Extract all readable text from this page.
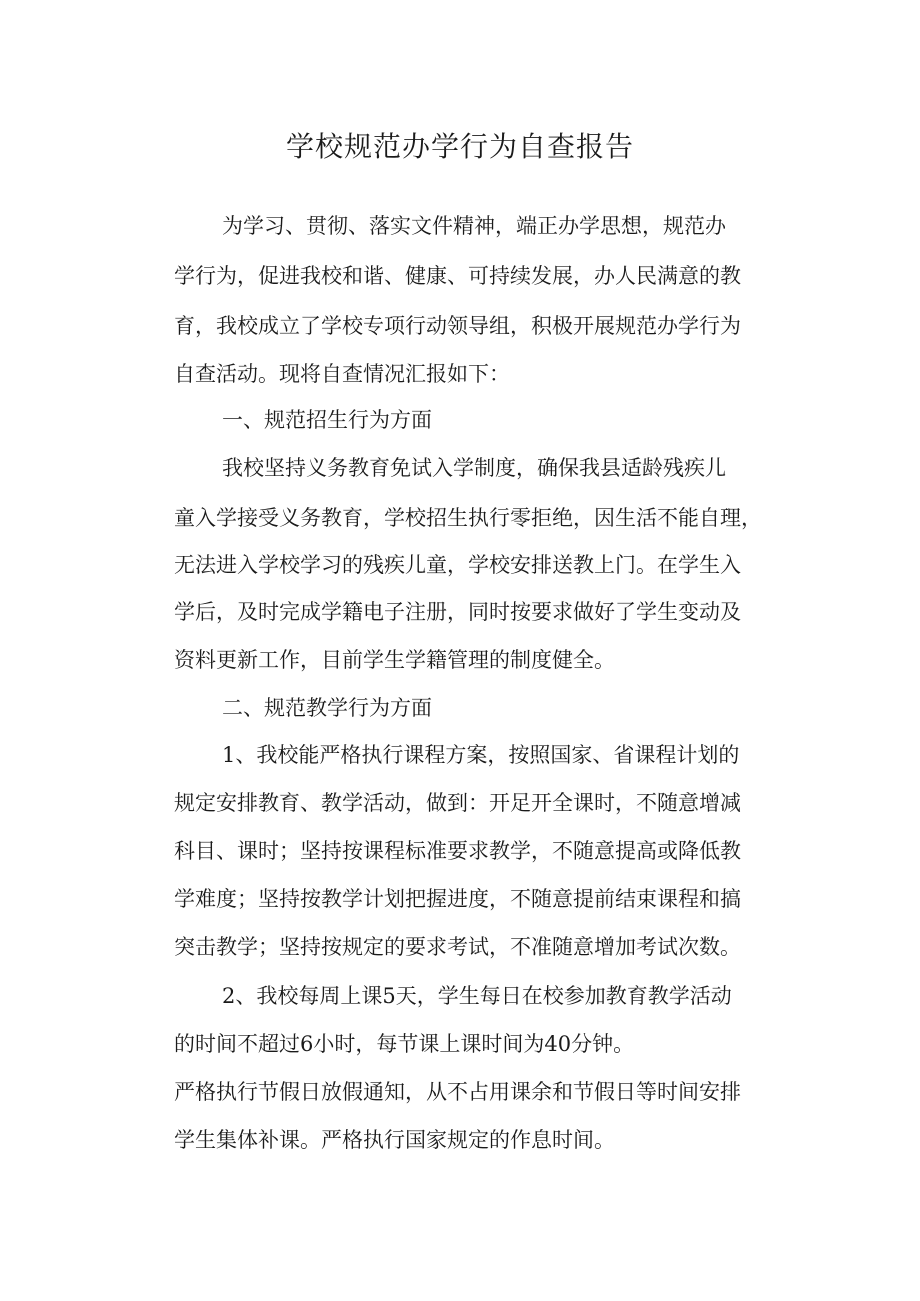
学校规范办学行为自查报告

为学习、贯彻、落实文件精神，端正办学思想，规范办

学行为，促进我校和谐、健康、可持续发展，办人民满意的教

育，我校成立了学校专项行动领导组，积极开展规范办学行为

自查活动。现将自查情况汇报如下：

一、规范招生行为方面

我校坚持义务教育免试入学制度，确保我县适龄残疾儿

童入学接受义务教育，学校招生执行零拒绝，因生活不能自理，

无法进入学校学习的残疾儿童，学校安排送教上门。在学生入

学后，及时完成学籍电子注册，同时按要求做好了学生变动及

资料更新工作，目前学生学籍管理的制度健全。

二、规范教学行为方面

1、我校能严格执行课程方案，按照国家、省课程计划的

规定安排教育、教学活动，做到：开足开全课时，不随意增减

科目、课时；坚持按课程标准要求教学，不随意提高或降低教

学难度；坚持按教学计划把握进度，不随意提前结束课程和搞

突击教学；坚持按规定的要求考试，不准随意增加考试次数。

2、我校每周上课5天，学生每日在校参加教育教学活动

的时间不超过6小时，每节课上课时间为40分钟。

严格执行节假日放假通知，从不占用课余和节假日等时间安排

学生集体补课。严格执行国家规定的作息时间。
